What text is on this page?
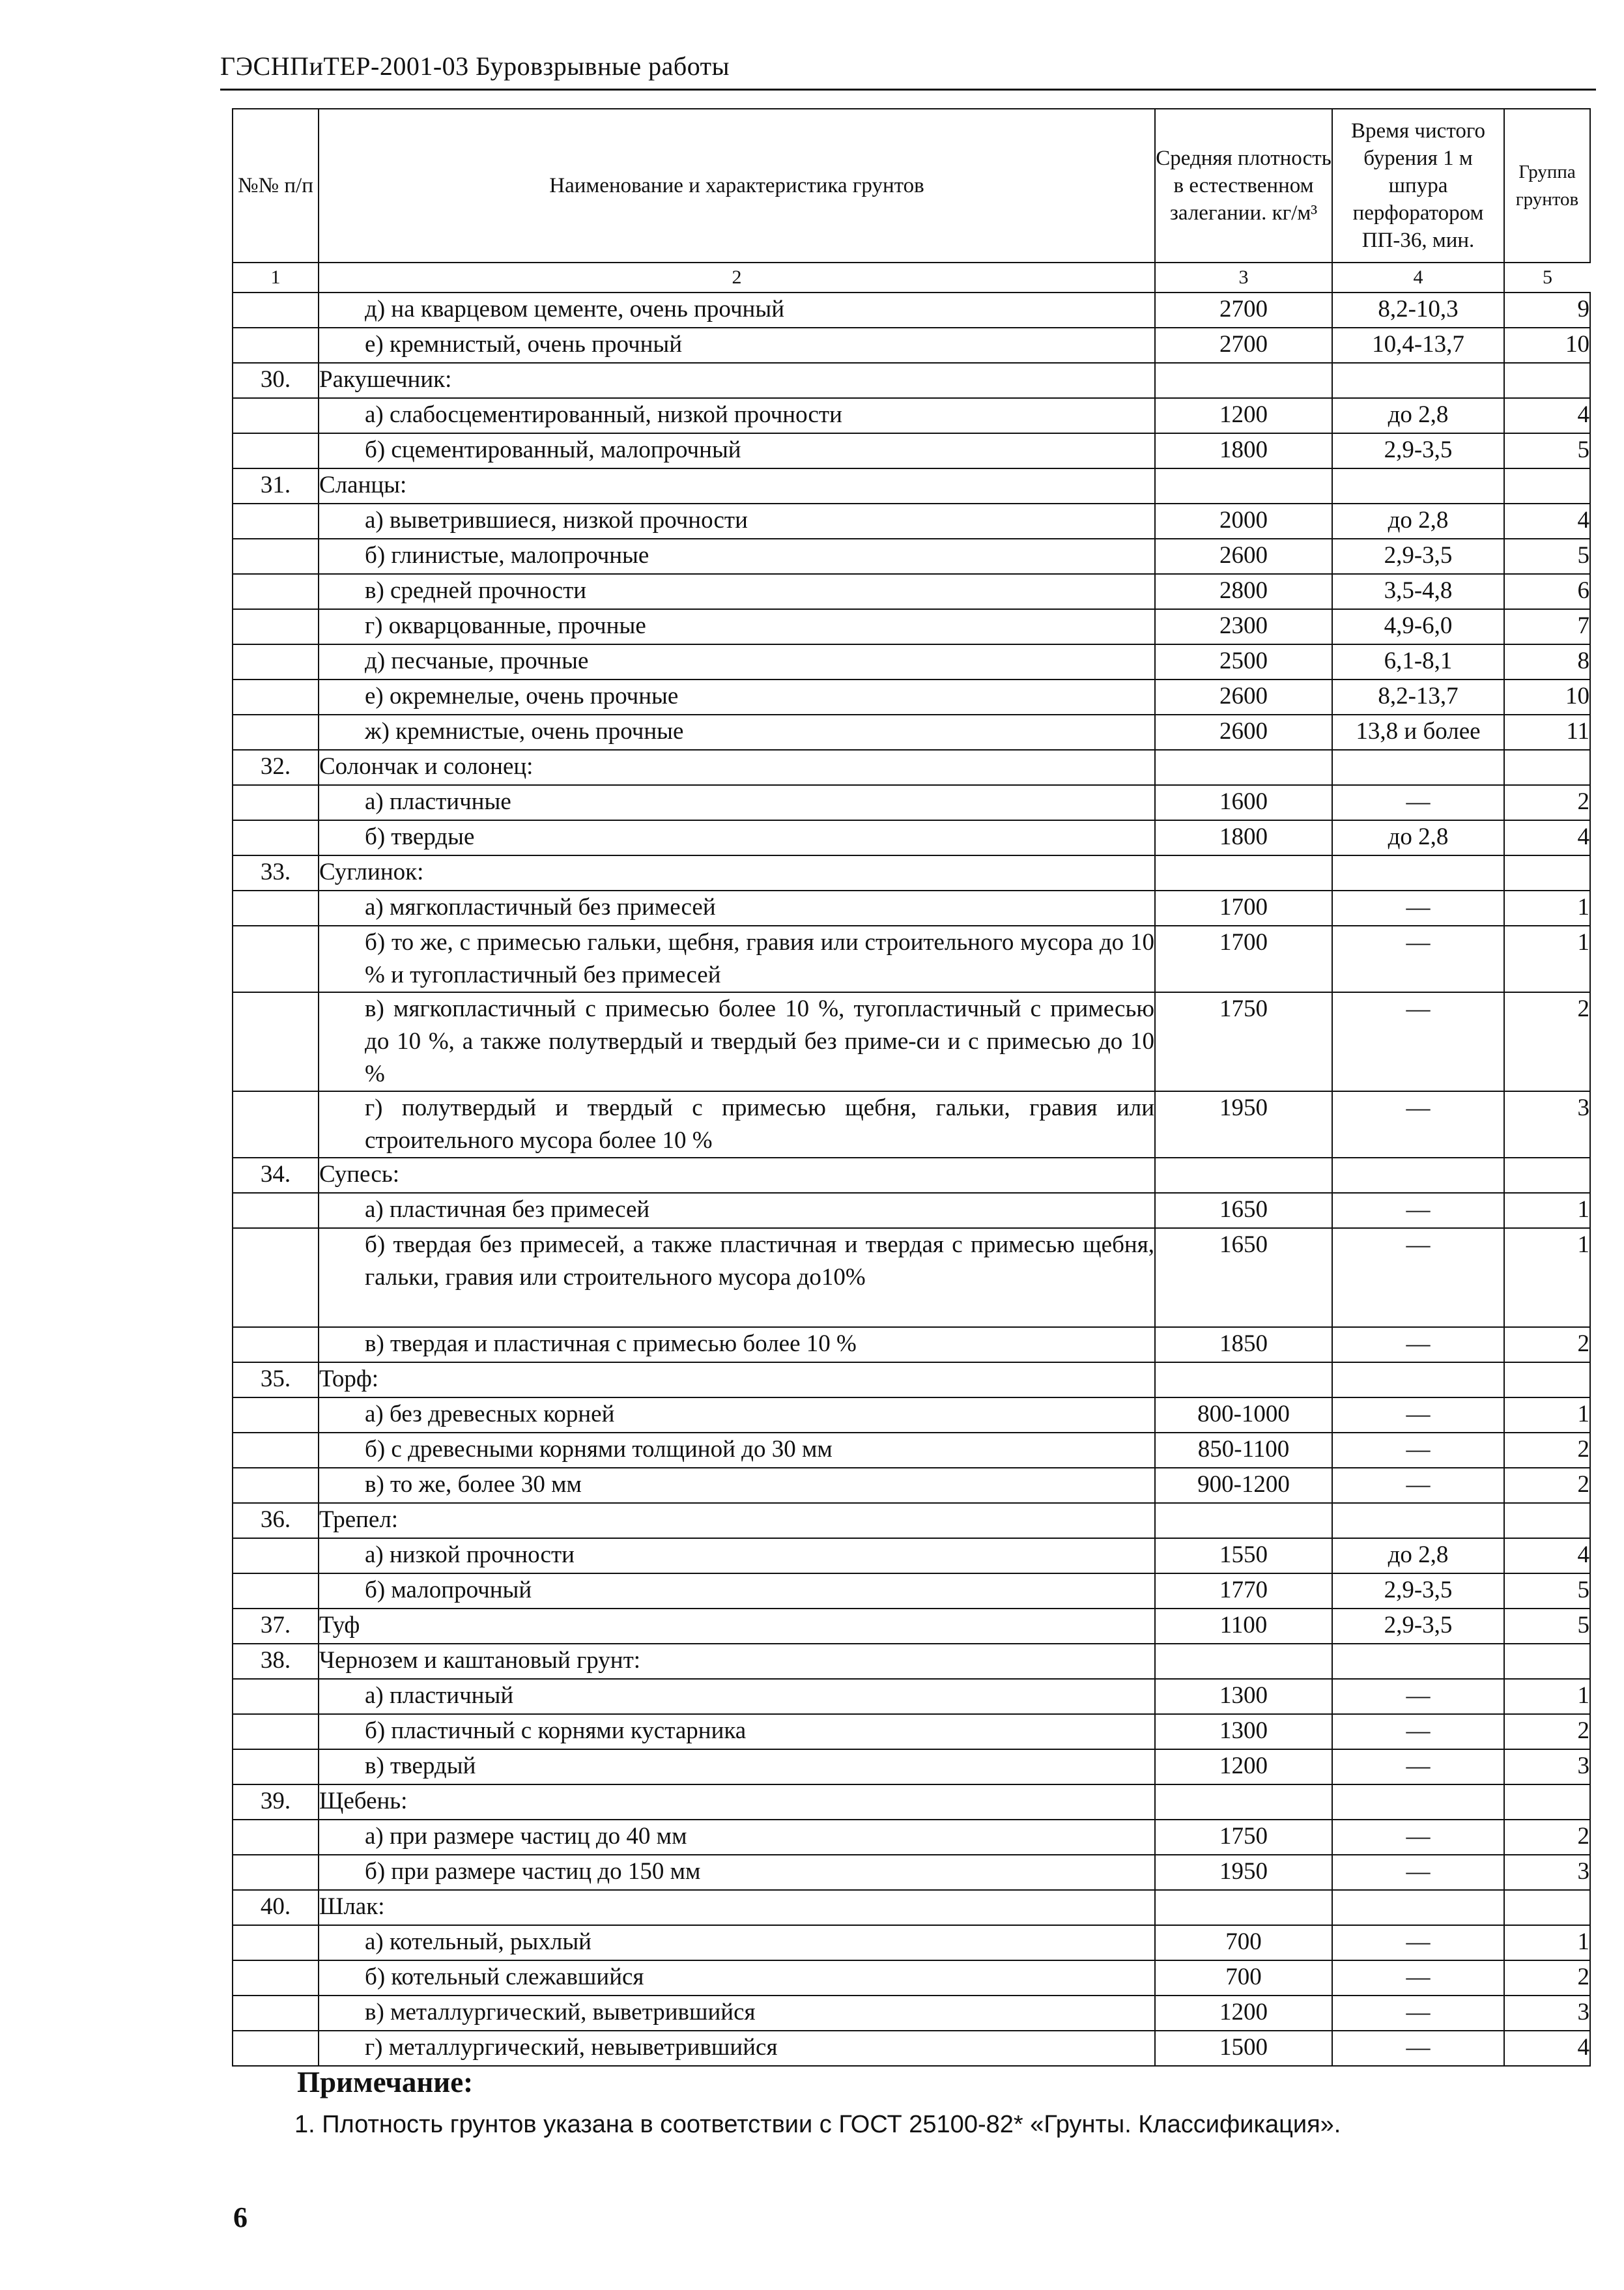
ГЭСНПиТЕР-2001-03 Буровзрывные работы
№№ п/п	Наименование и характеристика грунтов	Средняя плотность в естественном залегании. кг/м³	Время чистого бурения 1 м шпура перфоратором ПП-36, мин.	Группа грунтов
1	2	3	4	5
	д) на кварцевом цементе, очень прочный	2700	8,2-10,3	9
	е) кремнистый, очень прочный	2700	10,4-13,7	10
30.	Ракушечник:			
	а) слабосцементированный, низкой прочности	1200	до 2,8	4
	б) сцементированный, малопрочный	1800	2,9-3,5	5
31.	Сланцы:			
	а) выветрившиеся, низкой прочности	2000	до 2,8	4
	б) глинистые, малопрочные	2600	2,9-3,5	5
	в) средней прочности	2800	3,5-4,8	6
	г) окварцованные, прочные	2300	4,9-6,0	7
	д) песчаные, прочные	2500	6,1-8,1	8
	е) окремнелые, очень прочные	2600	8,2-13,7	10
	ж) кремнистые, очень прочные	2600	13,8 и более	11
32.	Солончак и солонец:			
	а) пластичные	1600	—	2
	б) твердые	1800	до 2,8	4
33.	Суглинок:			
	а) мягкопластичный без примесей	1700	—	1
	б) то же, с примесью гальки, щебня, гравия или строительного мусора до 10 % и тугопластичный без примесей	1700	—	1
	в) мягкопластичный с примесью более 10 %, тугопластичный с примесью до 10 %, а также полутвердый и твердый без приме-си и с примесью до 10 %	1750	—	2
	г) полутвердый и твердый с примесью щебня, гальки, гравия или строительного мусора более 10 %	1950	—	3
34.	Супесь:			
	а) пластичная без примесей	1650	—	1
	б) твердая без примесей, а также пластичная и твердая с примесью щебня, гальки, гравия или строительного мусора до10%	1650	—	1
	в) твердая и пластичная с примесью более 10 %	1850	—	2
35.	Торф:			
	а) без древесных корней	800-1000	—	1
	б) с древесными корнями толщиной до 30 мм	850-1100	—	2
	в) то же, более 30 мм	900-1200	—	2
36.	Трепел:			
	а) низкой прочности	1550	до 2,8	4
	б) малопрочный	1770	2,9-3,5	5
37.	Туф	1100	2,9-3,5	5
38.	Чернозем и каштановый грунт:			
	а) пластичный	1300	—	1
	б) пластичный с корнями кустарника	1300	—	2
	в) твердый	1200	—	3
39.	Щебень:			
	а) при размере частиц до 40 мм	1750	—	2
	б) при размере частиц до 150 мм	1950	—	3
40.	Шлак:			
	а) котельный, рыхлый	700	—	1
	б) котельный слежавшийся	700	—	2
	в) металлургический, выветрившийся	1200	—	3
	г) металлургический, невыветрившийся	1500	—	4
Примечание:
1. Плотность грунтов указана в соответствии с ГОСТ 25100-82* «Грунты. Классификация».
6
